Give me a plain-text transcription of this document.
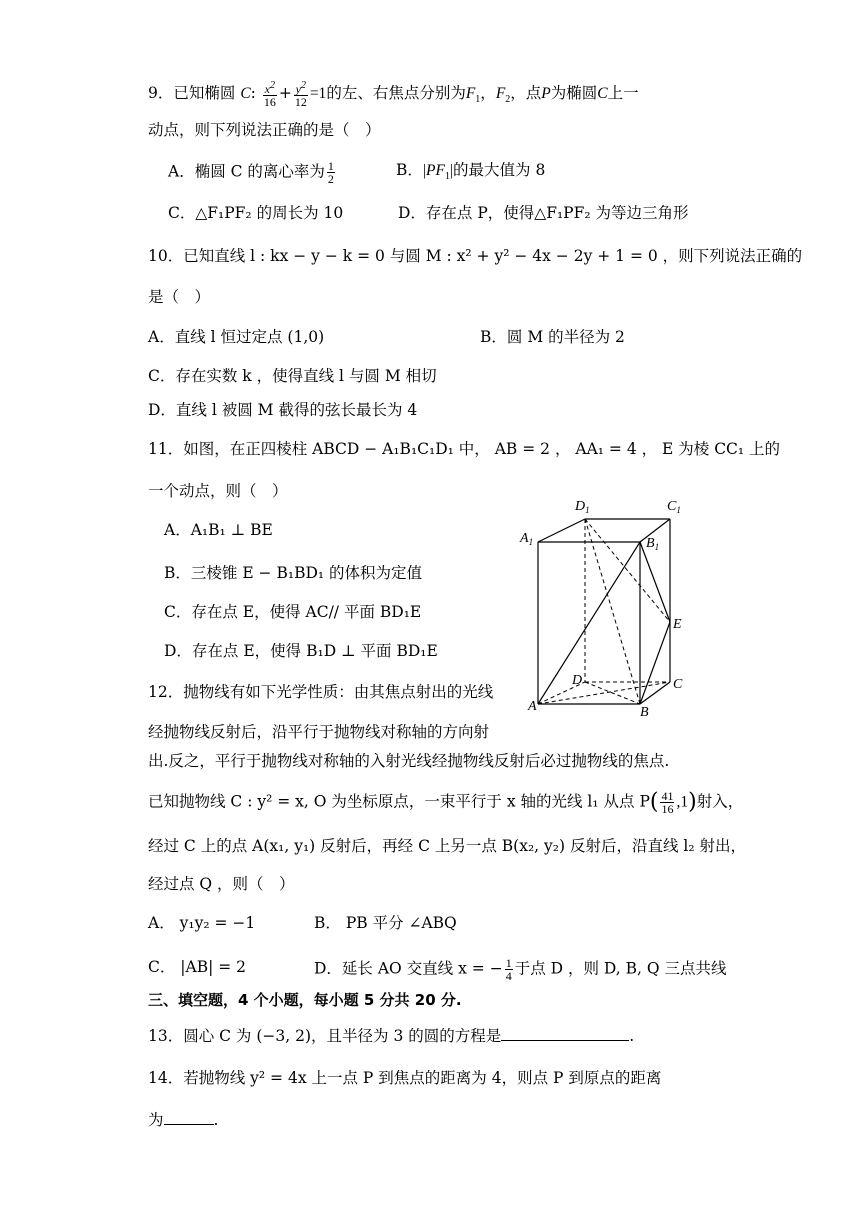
9．已知椭圆 C: $\frac{x^2}{16} + \frac{y^2}{12} =1$的左、右焦点分别为$F_1$，$F_2$，点P为椭圆C上一
动点，则下列说法正确的是（　）
A．椭圆 C 的离心率为 $\frac{1}{2}$	B．$|PF_1|$的最大值为 8
C．△F₁PF₂ 的周长为 10	D．存在点 P，使得△F₁PF₂ 为等边三角形
10．已知直线 l : kx − y − k = 0 与圆 M : x² + y² − 4x − 2y + 1 = 0 ，则下列说法正确的
是（　）
A．直线 l 恒过定点 (1,0)	B．圆 M 的半径为 2
C．存在实数 k ，使得直线 l 与圆 M 相切
D．直线 l 被圆 M 截得的弦长最长为 4
11．如图，在正四棱柱 ABCD − A₁B₁C₁D₁ 中， AB = 2 ， AA₁ = 4 ， E 为棱 CC₁ 上的
一个动点，则（　）
A．A₁B₁ ⊥ BE
B．三棱锥 E − B₁BD₁ 的体积为定值
C．存在点 E，使得 AC// 平面 BD₁E
D．存在点 E，使得 B₁D ⊥ 平面 BD₁E
$D_1$	$C_1$
$A_1$	$B_1$
E
D	C
A	B
12．抛物线有如下光学性质：由其焦点射出的光线
经抛物线反射后，沿平行于抛物线对称轴的方向射
出.反之，平行于抛物线对称轴的入射光线经抛物线反射后必过抛物线的焦点.
已知抛物线 C : y² = x, O 为坐标原点，一束平行于 x 轴的光线 l₁ 从点 $P( \frac{41}{16} ,1)$射入，
经过 C 上的点 A(x₁, y₁) 反射后，再经 C 上另一点 B(x₂, y₂) 反射后，沿直线 l₂ 射出，
经过点 Q ，则（　）
A． y₁y₂ = −1	B． PB 平分 ∠ABQ
C． |AB| = 2	D．延长 AO 交直线 x = − $\frac{1}{4}$ 于点 D ，则 D, B, Q 三点共线
三、填空题，4 个小题，每小题 5 分共 20 分.
13．圆心 C 为 (−3, 2)，且半径为 3 的圆的方程是	.
14．若抛物线 y² = 4x 上一点 P 到焦点的距离为 4，则点 P 到原点的距离
为	.
